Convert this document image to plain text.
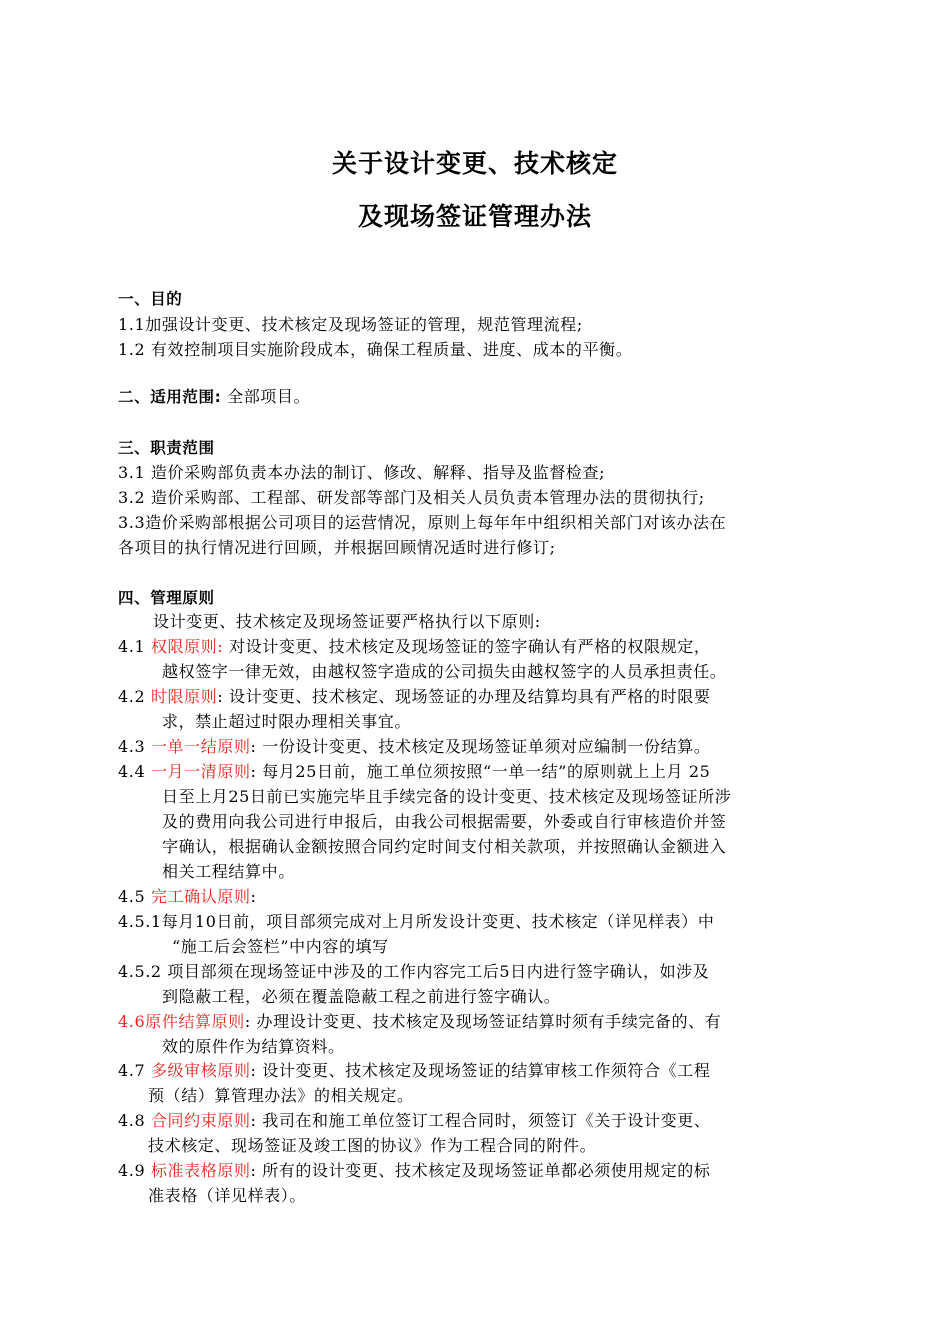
关于设计变更、技术核定
及现场签证管理办法
一、目的
1.1加强设计变更、技术核定及现场签证的管理，规范管理流程;
1.2 有效控制项目实施阶段成本，确保工程质量、进度、成本的平衡。
二、适用范围: 全部项目。
三、职责范围
3.1 造价采购部负责本办法的制订、修改、解释、指导及监督检查;
3.2 造价采购部、工程部、研发部等部门及相关人员负责本管理办法的贯彻执行;
3.3造价采购部根据公司项目的运营情况，原则上每年年中组织相关部门对该办法在
各项目的执行情况进行回顾，并根据回顾情况适时进行修订;
四、管理原则
设计变更、技术核定及现场签证要严格执行以下原则:
4.1 权限原则: 对设计变更、技术核定及现场签证的签字确认有严格的权限规定，
越权签字一律无效，由越权签字造成的公司损失由越权签字的人员承担责任。
4.2 时限原则: 设计变更、技术核定、现场签证的办理及结算均具有严格的时限要
求，禁止超过时限办理相关事宜。
4.3 一单一结原则: 一份设计变更、技术核定及现场签证单须对应编制一份结算。
4.4 一月一清原则: 每月25日前，施工单位须按照“一单一结”的原则就上上月 25
日至上月25日前已实施完毕且手续完备的设计变更、技术核定及现场签证所涉
及的费用向我公司进行申报后，由我公司根据需要，外委或自行审核造价并签
字确认，根据确认金额按照合同约定时间支付相关款项，并按照确认金额进入
相关工程结算中。
4.5 完工确认原则:
4.5.1每月10日前，项目部须完成对上月所发设计变更、技术核定（详见样表）中
“施工后会签栏”中内容的填写
4.5.2 项目部须在现场签证中涉及的工作内容完工后5日内进行签字确认，如涉及
到隐蔽工程，必须在覆盖隐蔽工程之前进行签字确认。
4.6原件结算原则: 办理设计变更、技术核定及现场签证结算时须有手续完备的、有
效的原件作为结算资料。
4.7 多级审核原则: 设计变更、技术核定及现场签证的结算审核工作须符合《工程
预（结）算管理办法》的相关规定。
4.8 合同约束原则: 我司在和施工单位签订工程合同时，须签订《关于设计变更、
技术核定、现场签证及竣工图的协议》作为工程合同的附件。
4.9 标准表格原则: 所有的设计变更、技术核定及现场签证单都必须使用规定的标
准表格（详见样表）。
